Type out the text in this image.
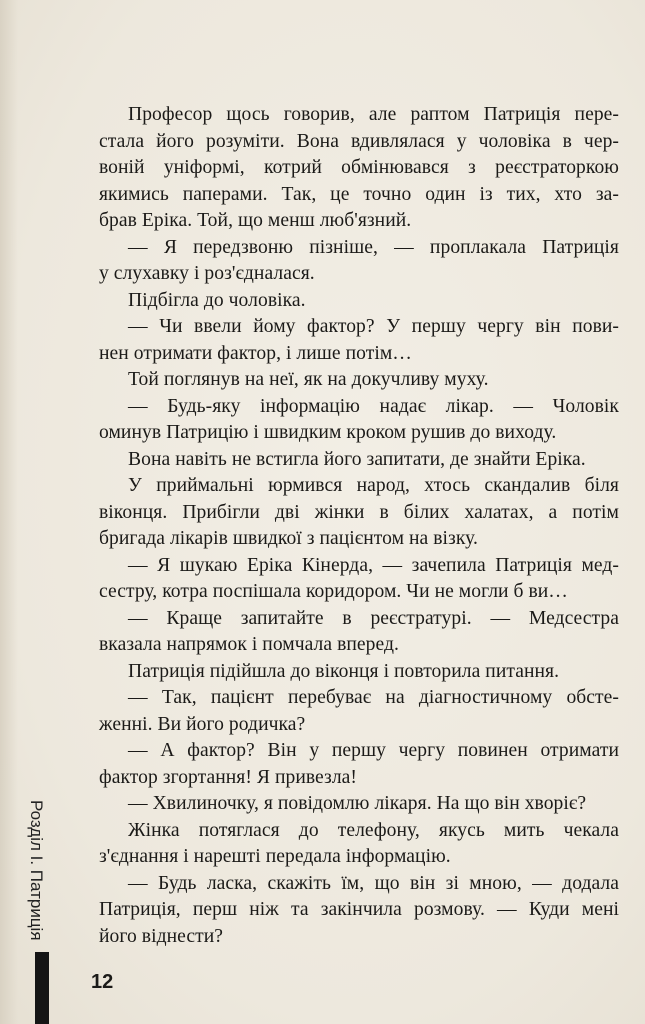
Професор щось говорив, але раптом Патриція пере-
стала його розуміти. Вона вдивлялася у чоловіка в чер-
воній уніформі, котрий обмінювався з реєстраторкою
якимись паперами. Так, це точно один із тих, хто за-
брав Еріка. Той, що менш люб'язний.
— Я передзвоню пізніше, — проплакала Патриція
у слухавку і роз'єдналася.
Підбігла до чоловіка.
— Чи ввели йому фактор? У першу чергу він пови-
нен отримати фактор, і лише потім…
Той поглянув на неї, як на докучливу муху.
— Будь-яку інформацію надає лікар. — Чоловік
оминув Патрицію і швидким кроком рушив до виходу.
Вона навіть не встигла його запитати, де знайти Еріка.
У приймальні юрмився народ, хтось скандалив біля
віконця. Прибігли дві жінки в білих халатах, а потім
бригада лікарів швидкої з пацієнтом на візку.
— Я шукаю Еріка Кінерда, — зачепила Патриція мед-
сестру, котра поспішала коридором. Чи не могли б ви…
— Краще запитайте в реєстратурі. — Медсестра
вказала напрямок і помчала вперед.
Патриція підійшла до віконця і повторила питання.
— Так, пацієнт перебуває на діагностичному обсте-
женні. Ви його родичка?
— А фактор? Він у першу чергу повинен отримати
фактор згортання! Я привезла!
— Хвилиночку, я повідомлю лікаря. На що він хворіє?
Жінка потяглася до телефону, якусь мить чекала
з'єднання і нарешті передала інформацію.
— Будь ласка, скажіть їм, що він зі мною, — додала
Патриція, перш ніж та закінчила розмову. — Куди мені
його віднести?
Розділ I. Патриція
12
